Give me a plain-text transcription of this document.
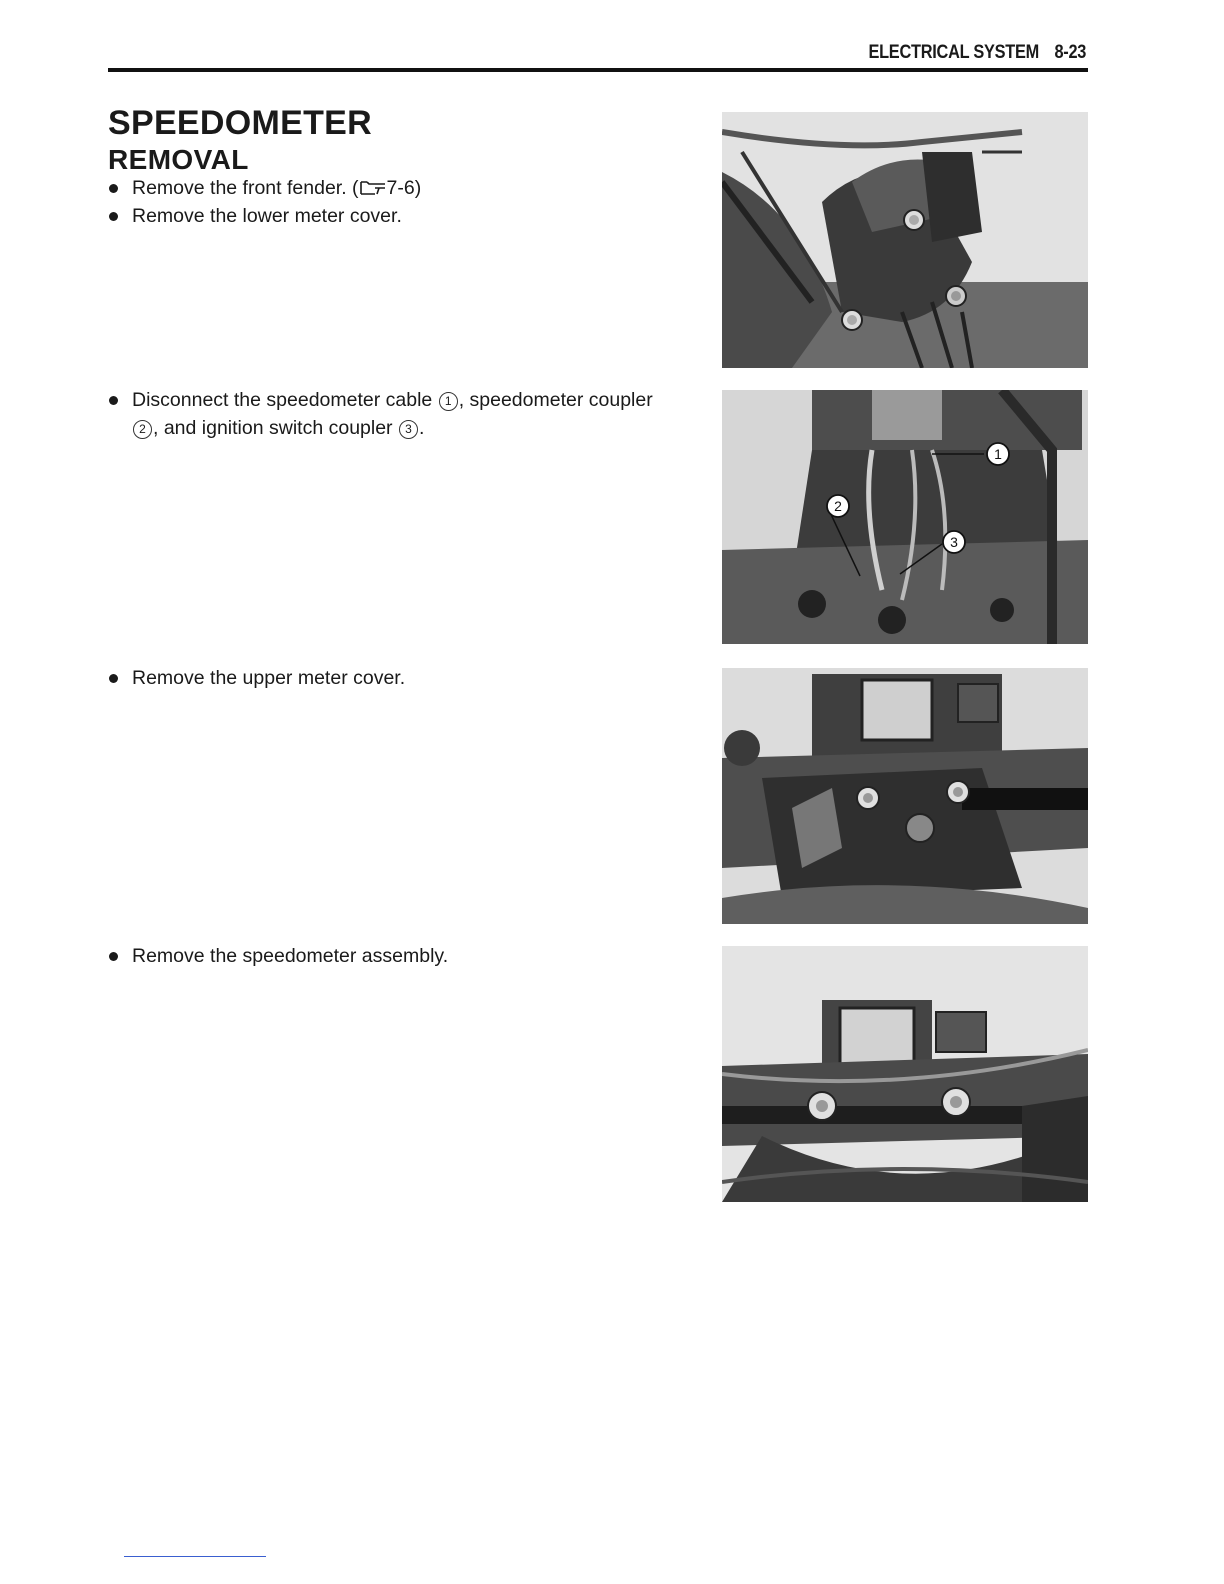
ELECTRICAL SYSTEM 8-23
SPEEDOMETER
REMOVAL
Remove the front fender. ( 7-6)
Remove the lower meter cover.
Disconnect the speedometer cable 1 , speedometer coupler
2 , and ignition switch coupler 3 .
Remove the upper meter cover.
Remove the speedometer assembly.
1
2
3
